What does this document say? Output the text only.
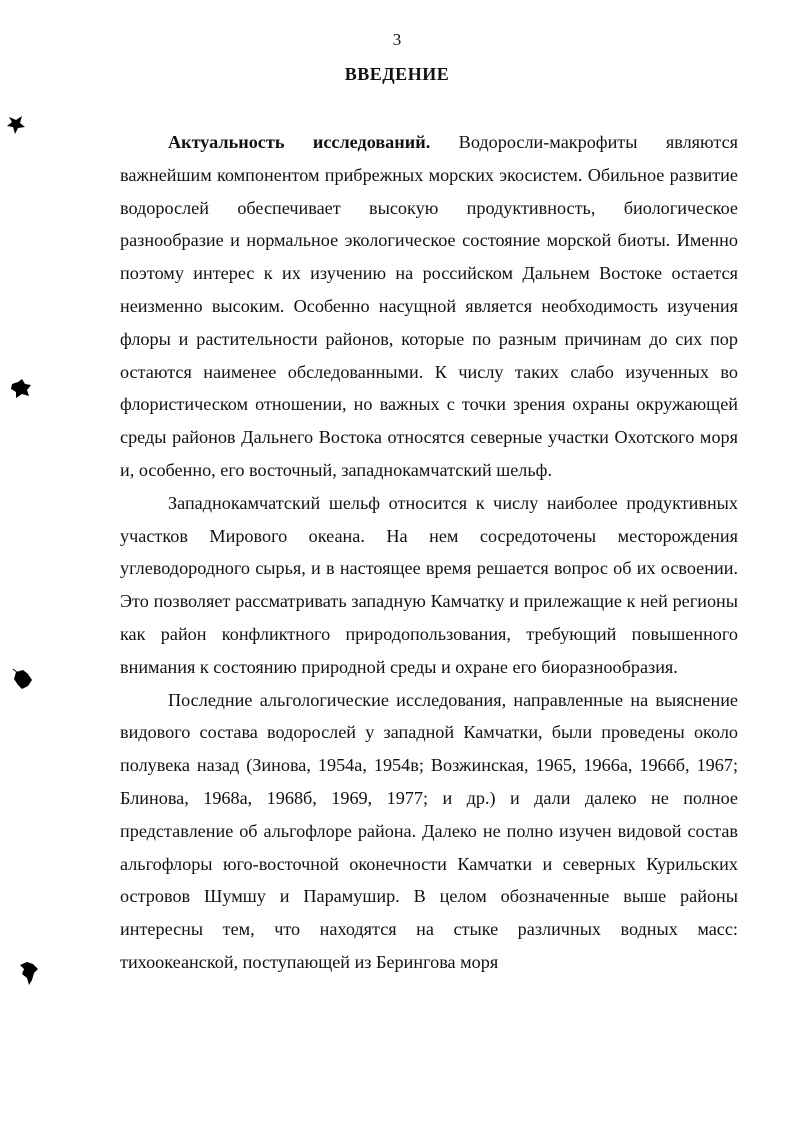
3
ВВЕДЕНИЕ

Актуальность исследований. Водоросли-макрофиты являются важнейшим компонентом прибрежных морских экосистем. Обильное развитие водорослей обеспечивает высокую продуктивность, биологическое разнообразие и нормальное экологическое состояние морской биоты. Именно поэтому интерес к их изучению на российском Дальнем Востоке остается неизменно высоким. Особенно насущной является необходимость изучения флоры и растительности районов, которые по разным причинам до сих пор остаются наименее обследованными. К числу таких слабо изученных во флористическом отношении, но важных с точки зрения охраны окружающей среды районов Дальнего Востока относятся северные участки Охотского моря и, особенно, его восточный, западнокамчатский шельф.

Западнокамчатский шельф относится к числу наиболее продуктивных участков Мирового океана. На нем сосредоточены месторождения углеводородного сырья, и в настоящее время решается вопрос об их освоении. Это позволяет рассматривать западную Камчатку и прилежащие к ней регионы как район конфликтного природопользования, требующий повышенного внимания к состоянию природной среды и охране его биоразнообразия.

Последние альгологические исследования, направленные на выяснение видового состава водорослей у западной Камчатки, были проведены около полувека назад (Зинова, 1954а, 1954в; Возжинская, 1965, 1966а, 1966б, 1967; Блинова, 1968а, 1968б, 1969, 1977; и др.) и дали далеко не полное представление об альгофлоре района. Далеко не полно изучен видовой состав альгофлоры юго-восточной оконечности Камчатки и северных Курильских островов Шумшу и Парамушир. В целом обозначенные выше районы интересны тем, что находятся на стыке различных водных масс: тихоокеанской, поступающей из Берингова моря
